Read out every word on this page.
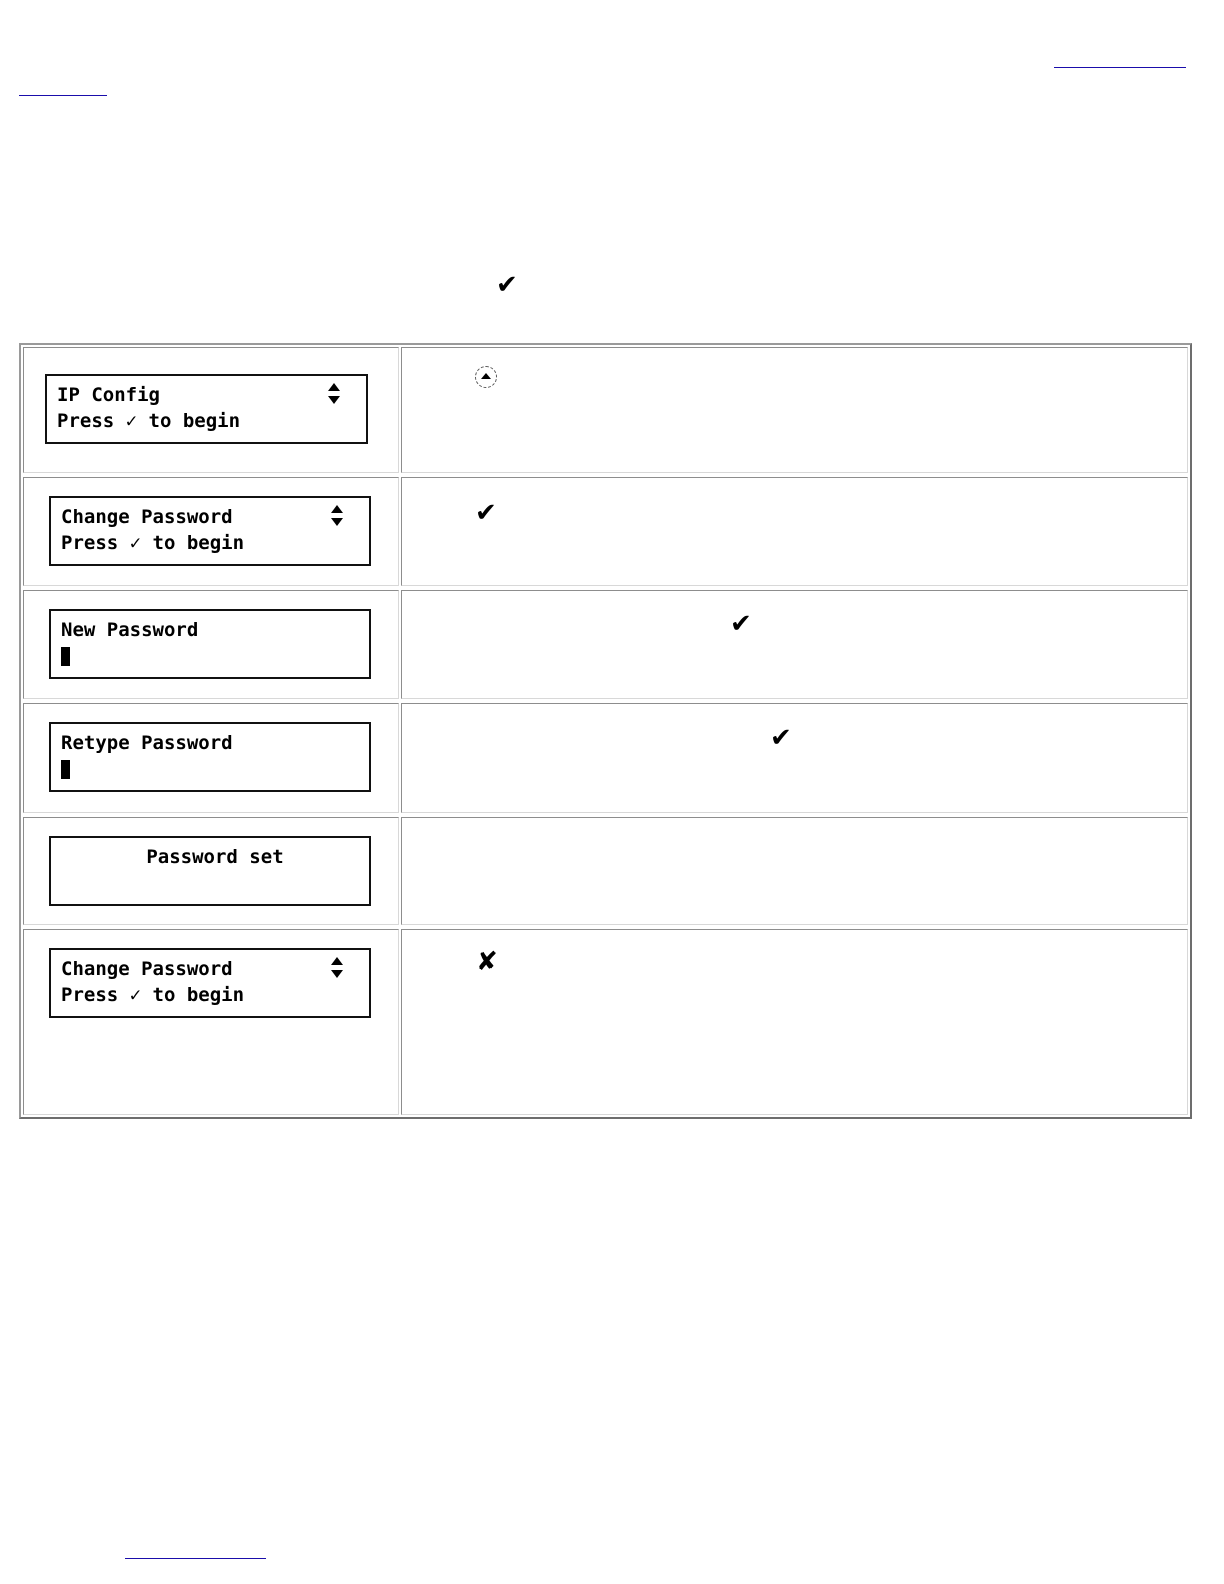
✔
IP Config
Press ✓ to begin
Change Password
Press ✓ to begin
✔
New Password	✔
Retype Password	✔
Password set
Change Password
Press ✓ to begin
✘
